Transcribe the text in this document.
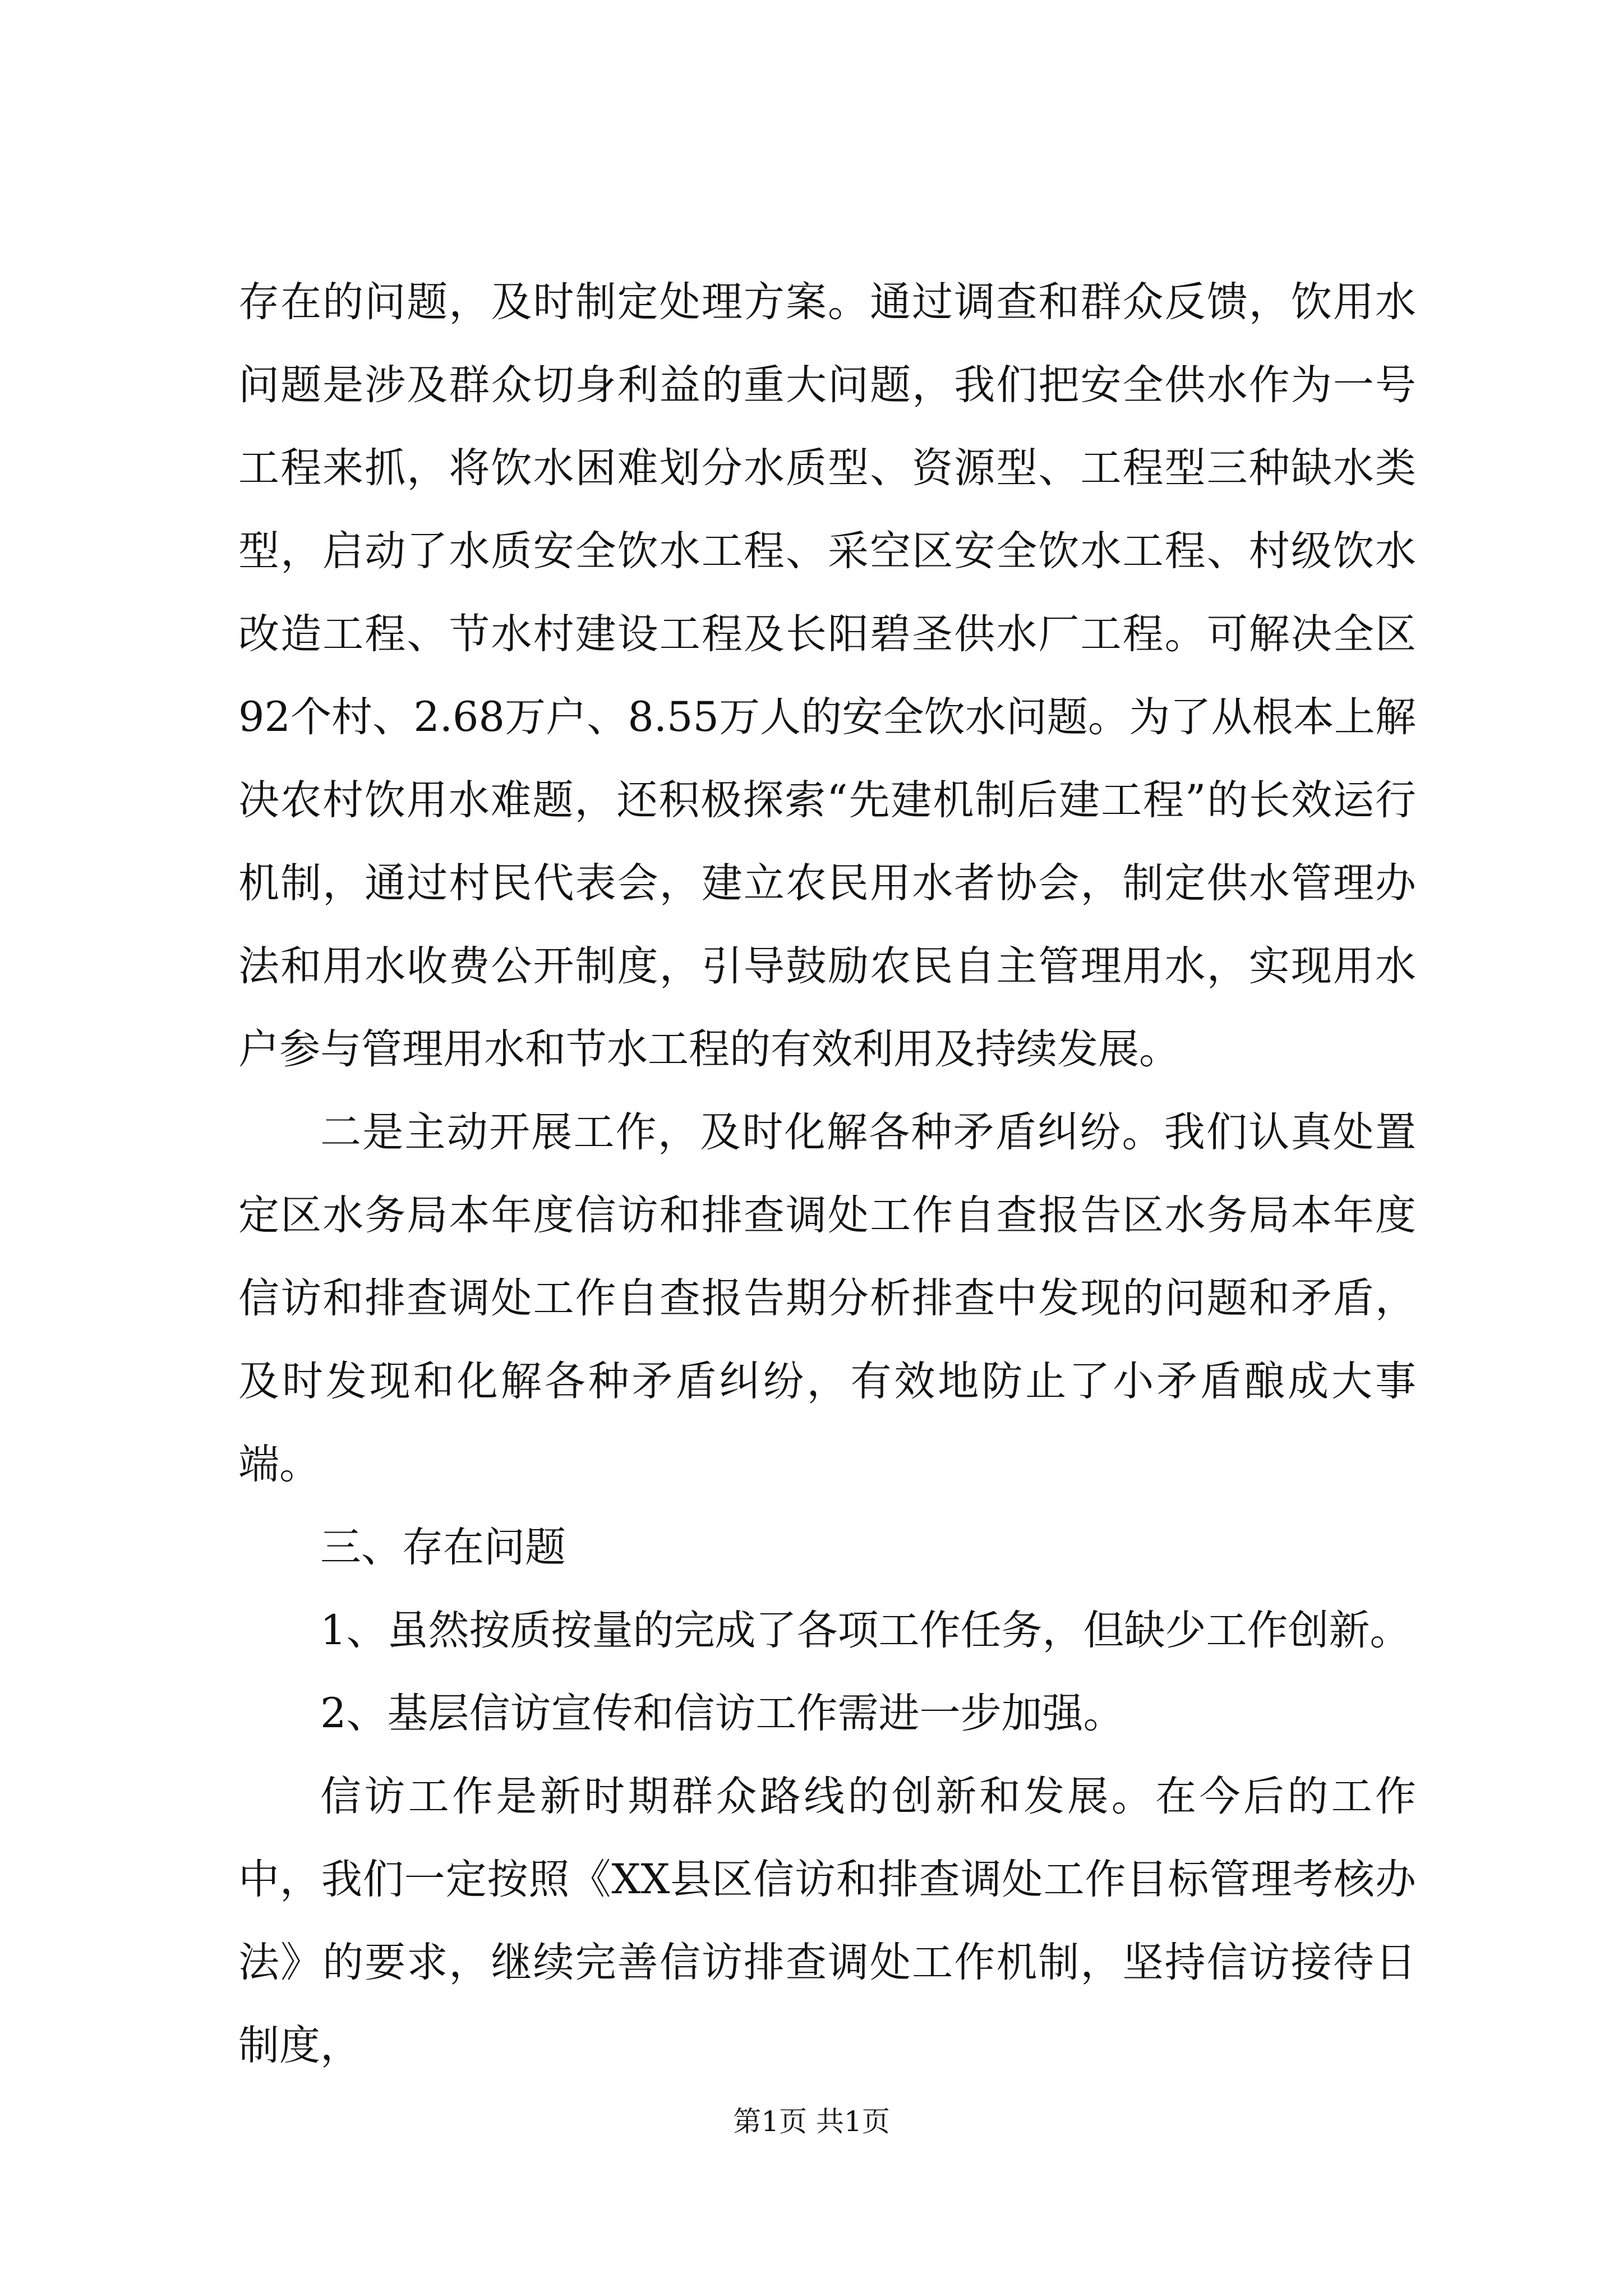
存在的问题，及时制定处理方案。通过调查和群众反馈，饮用水问题是涉及群众切身利益的重大问题，我们把安全供水作为一号工程来抓，将饮水困难划分水质型、资源型、工程型三种缺水类型，启动了水质安全饮水工程、采空区安全饮水工程、村级饮水改造工程、节水村建设工程及长阳碧圣供水厂工程。可解决全区92个村、2.68万户、8.55万人的安全饮水问题。为了从根本上解决农村饮用水难题，还积极探索“先建机制后建工程”的长效运行机制，通过村民代表会，建立农民用水者协会，制定供水管理办法和用水收费公开制度，引导鼓励农民自主管理用水，实现用水户参与管理用水和节水工程的有效利用及持续发展。

二是主动开展工作，及时化解各种矛盾纠纷。我们认真处置定区水务局本年度信访和排查调处工作自查报告区水务局本年度信访和排查调处工作自查报告期分析排查中发现的问题和矛盾，及时发现和化解各种矛盾纠纷，有效地防止了小矛盾酿成大事端。

三、存在问题

1、虽然按质按量的完成了各项工作任务，但缺少工作创新。

2、基层信访宣传和信访工作需进一步加强。

信访工作是新时期群众路线的创新和发展。在今后的工作中，我们一定按照《XX县区信访和排查调处工作目标管理考核办法》的要求，继续完善信访排查调处工作机制，坚持信访接待日制度，

第1页 共1页
